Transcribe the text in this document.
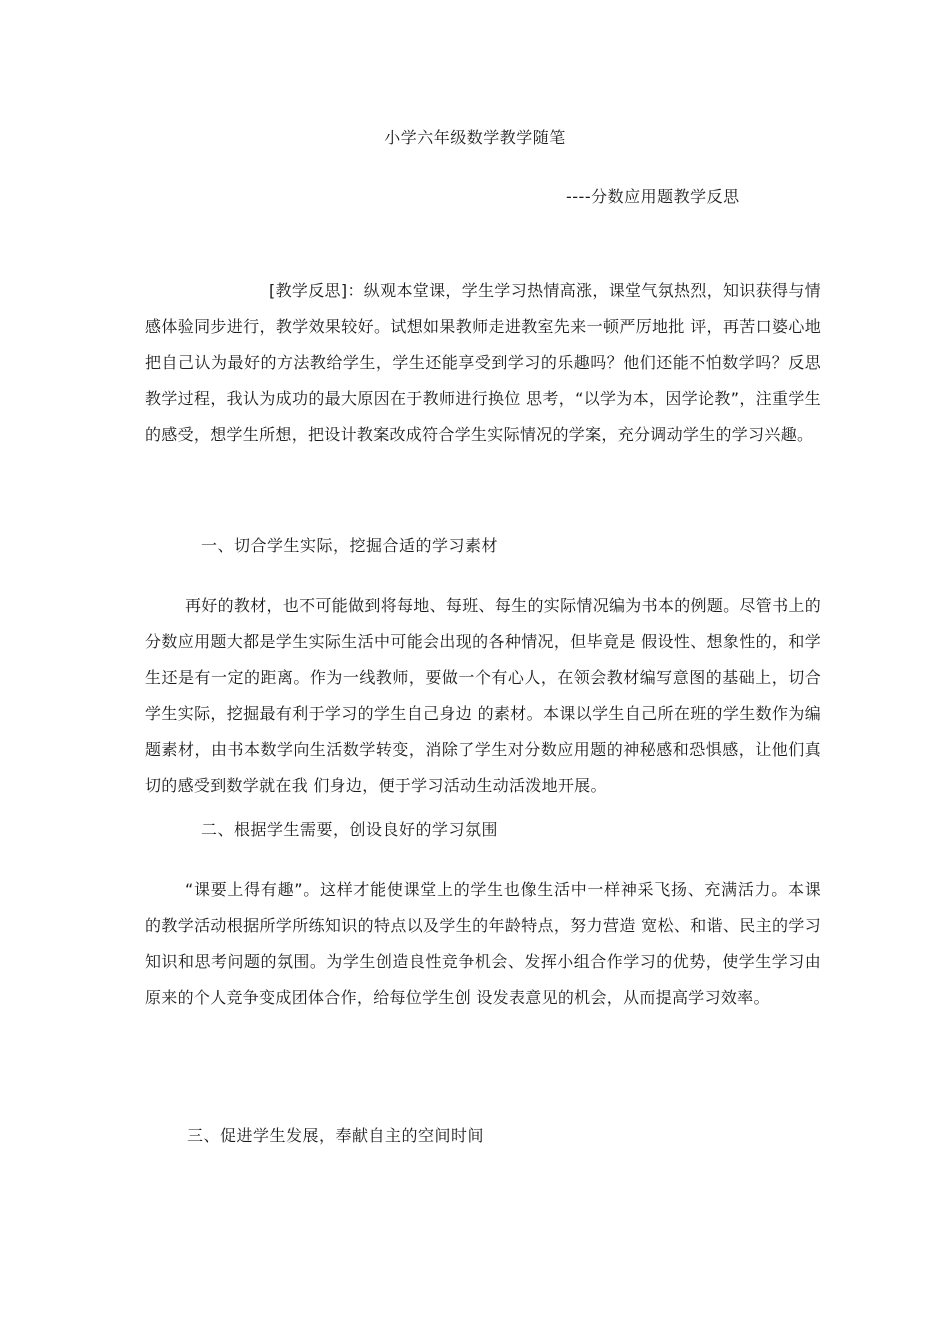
小学六年级数学教学随笔
----分数应用题教学反思
[教学反思]：纵观本堂课，学生学习热情高涨，课堂气氛热烈，知识获得与情感体验同步进行，教学效果较好。试想如果教师走进教室先来一顿严厉地批 评，再苦口婆心地把自己认为最好的方法教给学生，学生还能享受到学习的乐趣吗？他们还能不怕数学吗？反思教学过程，我认为成功的最大原因在于教师进行换位 思考，“以学为本，因学论教”，注重学生的感受，想学生所想，把设计教案改成符合学生实际情况的学案，充分调动学生的学习兴趣。
一、切合学生实际，挖掘合适的学习素材
再好的教材，也不可能做到将每地、每班、每生的实际情况编为书本的例题。尽管书上的分数应用题大都是学生实际生活中可能会出现的各种情况，但毕竟是 假设性、想象性的，和学生还是有一定的距离。作为一线教师，要做一个有心人，在领会教材编写意图的基础上，切合学生实际，挖掘最有利于学习的学生自己身边 的素材。本课以学生自己所在班的学生数作为编题素材，由书本数学向生活数学转变，消除了学生对分数应用题的神秘感和恐惧感，让他们真切的感受到数学就在我 们身边，便于学习活动生动活泼地开展。
二、根据学生需要，创设良好的学习氛围
“课要上得有趣”。这样才能使课堂上的学生也像生活中一样神采飞扬、充满活力。本课的教学活动根据所学所练知识的特点以及学生的年龄特点，努力营造 宽松、和谐、民主的学习知识和思考问题的氛围。为学生创造良性竞争机会、发挥小组合作学习的优势，使学生学习由原来的个人竞争变成团体合作，给每位学生创 设发表意见的机会，从而提高学习效率。
三、促进学生发展，奉献自主的空间时间
